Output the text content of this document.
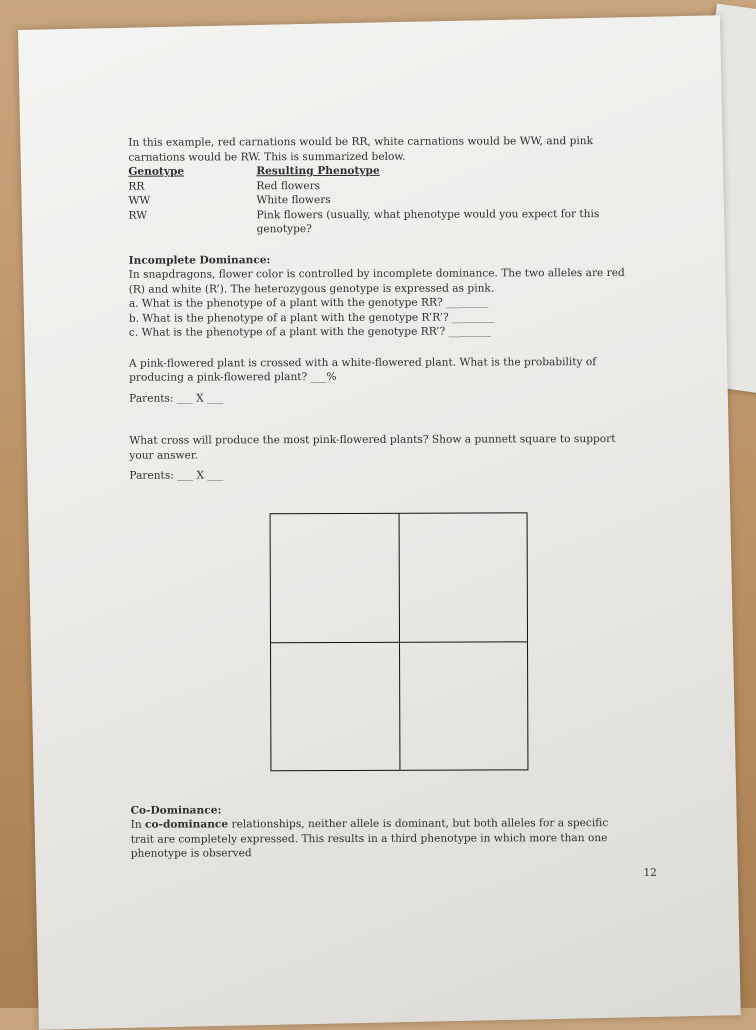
In this example, red carnations would be RR, white carnations would be WW, and pink

carnations would be RW. This is summarized below.

Genotype	Resulting Phenotype
RR	Red flowers
WW	White flowers
RW	Pink flowers (usually, what phenotype would you expect for this
genotype?

Incomplete Dominance:

In snapdragons, flower color is controlled by incomplete dominance. The two alleles are red

(R) and white (R’). The heterozygous genotype is expressed as pink.

a. What is the phenotype of a plant with the genotype RR? ________

b. What is the phenotype of a plant with the genotype R’R’? ________

c. What is the phenotype of a plant with the genotype RR’? ________

A pink-flowered plant is crossed with a white-flowered plant. What is the probability of

producing a pink-flowered plant? ___%

Parents: ___ X ___

What cross will produce the most pink-flowered plants? Show a punnett square to support

your answer.

Parents: ___ X ___

Co-Dominance:

In co-dominance relationships, neither allele is dominant, but both alleles for a specific

trait are completely expressed. This results in a third phenotype in which more than one

phenotype is observed

12
